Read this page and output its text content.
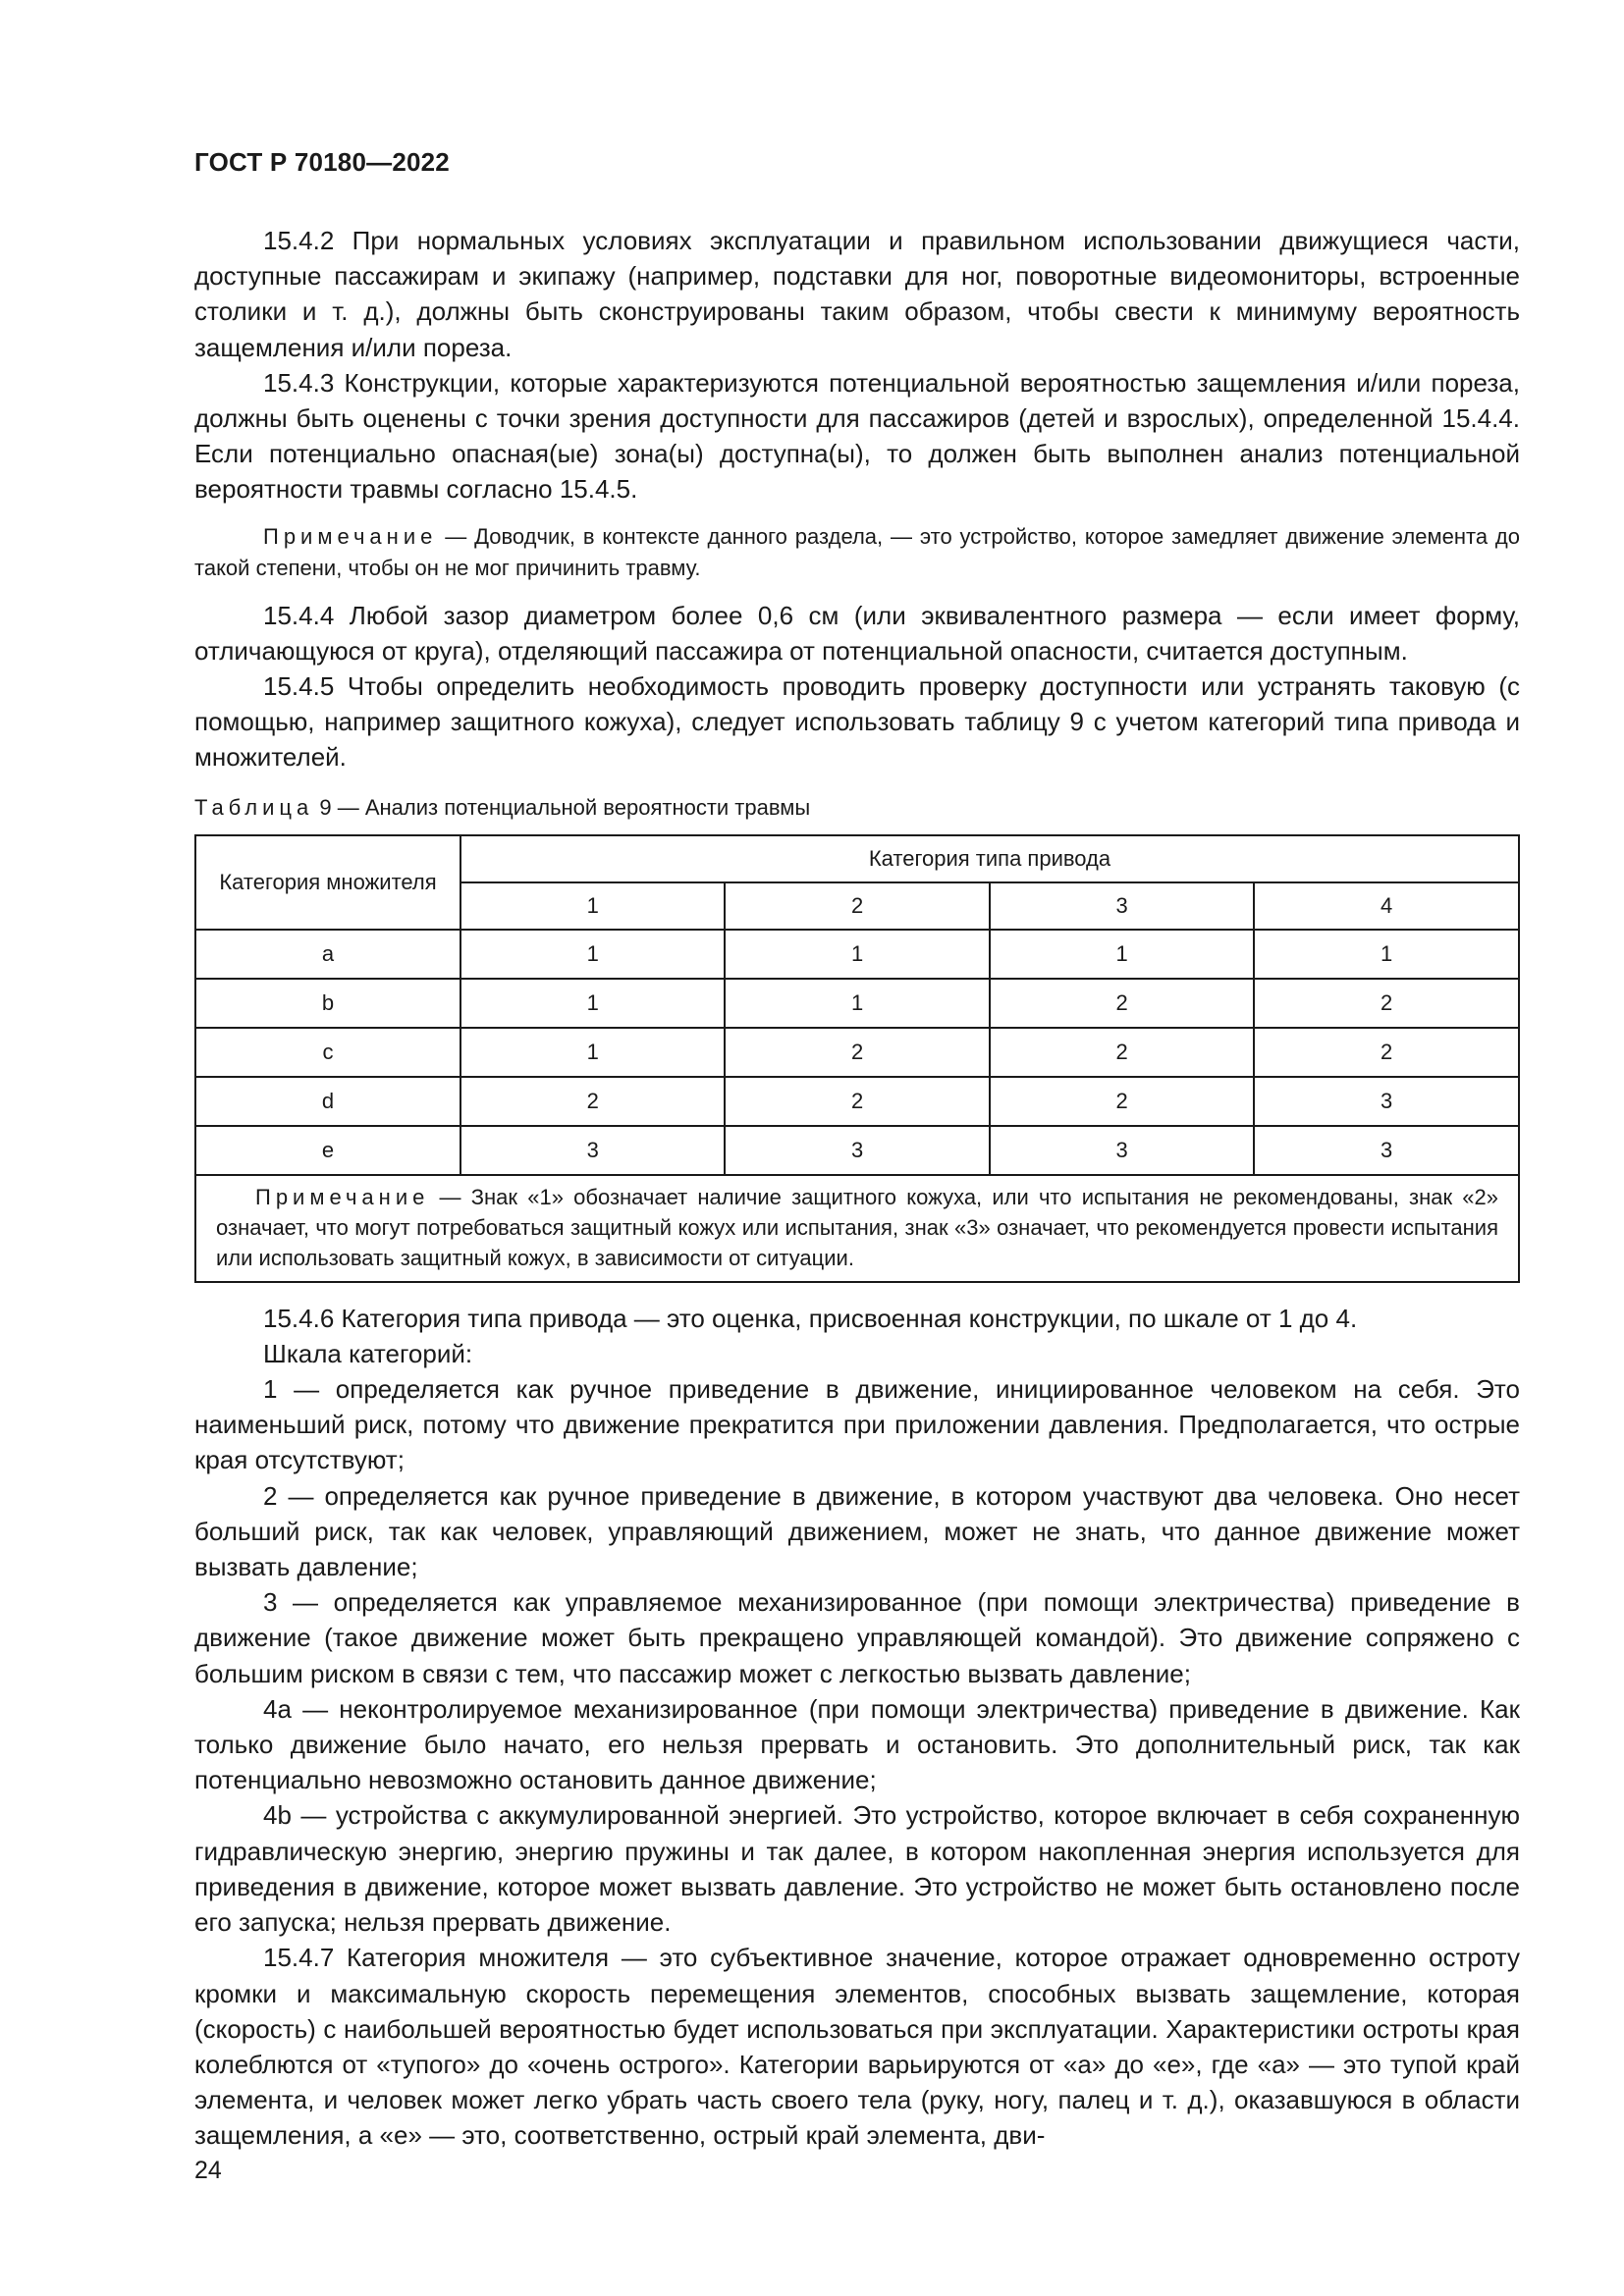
ГОСТ Р 70180—2022

15.4.2 При нормальных условиях эксплуатации и правильном использовании движущиеся части, доступные пассажирам и экипажу (например, подставки для ног, поворотные видеомониторы, встроенные столики и т. д.), должны быть сконструированы таким образом, чтобы свести к минимуму вероятность защемления и/или пореза.

15.4.3 Конструкции, которые характеризуются потенциальной вероятностью защемления и/или пореза, должны быть оценены с точки зрения доступности для пассажиров (детей и взрослых), определенной 15.4.4. Если потенциально опасная(ые) зона(ы) доступна(ы), то должен быть выполнен анализ потенциальной вероятности травмы согласно 15.4.5.

Примечание — Доводчик, в контексте данного раздела, — это устройство, которое замедляет движение элемента до такой степени, чтобы он не мог причинить травму.

15.4.4 Любой зазор диаметром более 0,6 см (или эквивалентного размера — если имеет форму, отличающуюся от круга), отделяющий пассажира от потенциальной опасности, считается доступным.

15.4.5 Чтобы определить необходимость проводить проверку доступности или устранять таковую (с помощью, например защитного кожуха), следует использовать таблицу 9 с учетом категорий типа привода и множителей.

Таблица 9 — Анализ потенциальной вероятности травмы

Категория множителя	Категория типа привода			
	1	2	3	4
a	1	1	1	1
b	1	1	2	2
c	1	2	2	2
d	2	2	2	3
e	3	3	3	3

Примечание — Знак «1» обозначает наличие защитного кожуха, или что испытания не рекомендованы, знак «2» означает, что могут потребоваться защитный кожух или испытания, знак «3» означает, что рекомендуется провести испытания или использовать защитный кожух, в зависимости от ситуации.				

15.4.6 Категория типа привода — это оценка, присвоенная конструкции, по шкале от 1 до 4.

Шкала категорий:

1 — определяется как ручное приведение в движение, инициированное человеком на себя. Это наименьший риск, потому что движение прекратится при приложении давления. Предполагается, что острые края отсутствуют;

2 — определяется как ручное приведение в движение, в котором участвуют два человека. Оно несет больший риск, так как человек, управляющий движением, может не знать, что данное движение может вызвать давление;

3 — определяется как управляемое механизированное (при помощи электричества) приведение в движение (такое движение может быть прекращено управляющей командой). Это движение сопряжено с большим риском в связи с тем, что пассажир может с легкостью вызвать давление;

4a — неконтролируемое механизированное (при помощи электричества) приведение в движение. Как только движение было начато, его нельзя прервать и остановить. Это дополнительный риск, так как потенциально невозможно остановить данное движение;

4b — устройства с аккумулированной энергией. Это устройство, которое включает в себя сохраненную гидравлическую энергию, энергию пружины и так далее, в котором накопленная энергия используется для приведения в движение, которое может вызвать давление. Это устройство не может быть остановлено после его запуска; нельзя прервать движение.

15.4.7 Категория множителя — это субъективное значение, которое отражает одновременно остроту кромки и максимальную скорость перемещения элементов, способных вызвать защемление, которая (скорость) с наибольшей вероятностью будет использоваться при эксплуатации. Характеристики остроты края колеблются от «тупого» до «очень острого». Категории варьируются от «а» до «е», где «а» — это тупой край элемента, и человек может легко убрать часть своего тела (руку, ногу, палец и т. д.), оказавшуюся в области защемления, а «е» — это, соответственно, острый край элемента, дви-

24
